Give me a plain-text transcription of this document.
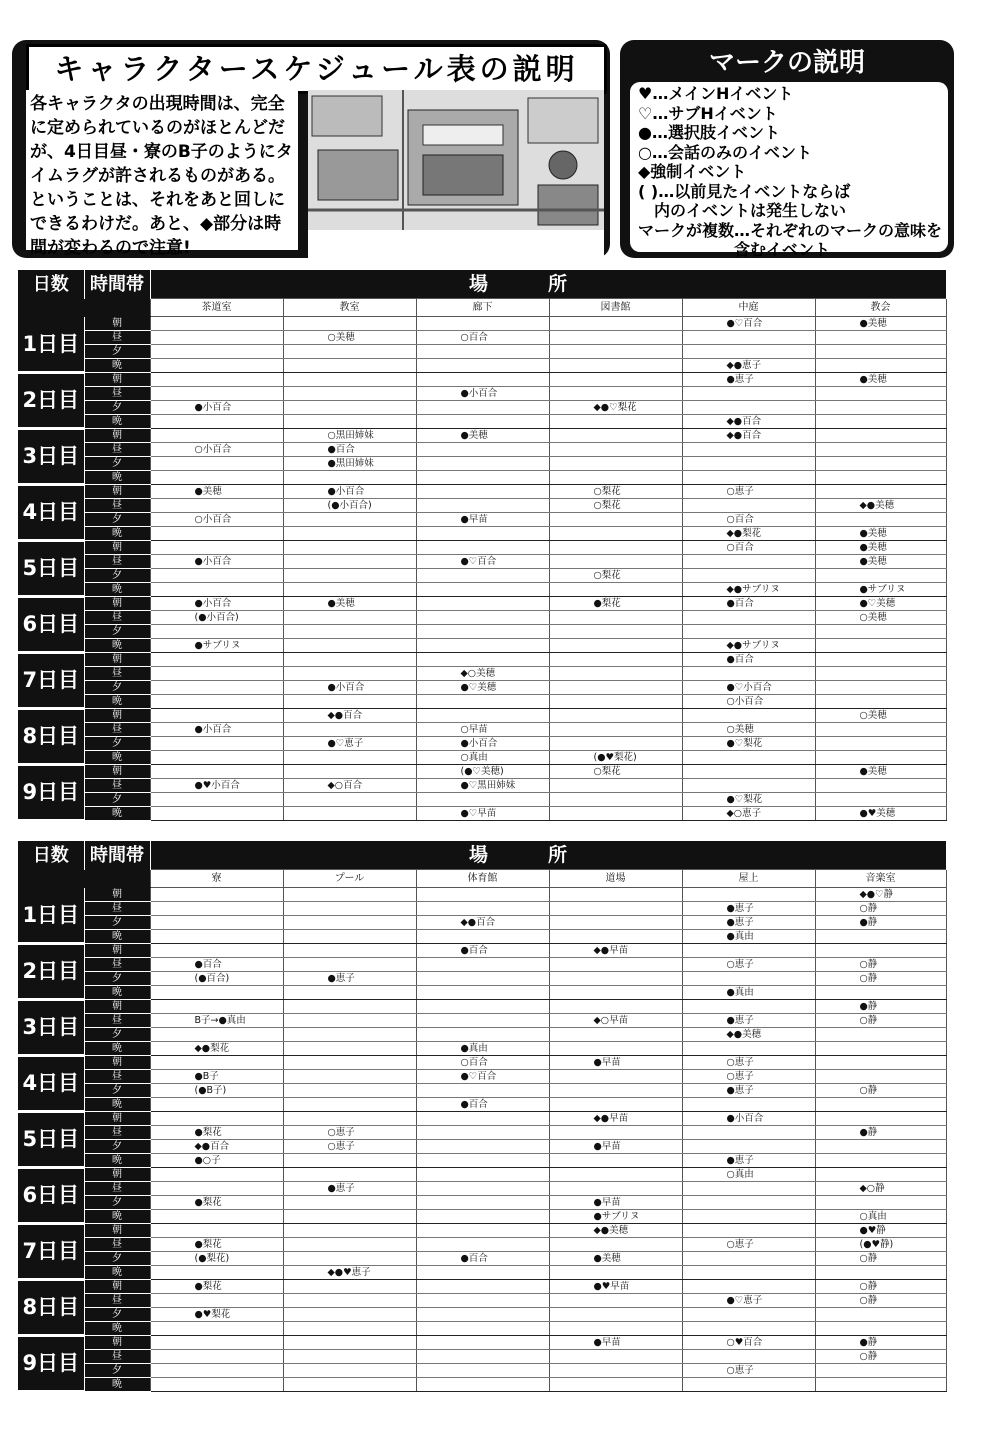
キャラクタースケジュール表の説明
各キャラクタの出現時間は、完全に定められているのがほとんどだが、4日目昼・寮のB子のようにタイムラグが許されるものがある。ということは、それをあと回しにできるわけだ。あと、◆部分は時間が変わるので注意!	↑移動できるところは全部で12ヶ所
マークの説明
♥…メインHイベント
♡…サブHイベント
●…選択肢イベント
○…会話のみのイベント
◆強制イベント
( )…以前見たイベントならば
　内のイベントは発生しない
マークが複数…それぞれのマークの意味を
　　　　　　含むイベント
日数	時間帯	場所					
		茶道室	教室	廊下	図書館	中庭	教会
1日目	朝					●♡百合	●美穂
	昼		○美穂	○百合			
	夕						
	晩					◆●恵子	
2日目	朝					●恵子	●美穂
	昼			●小百合			
	夕	●小百合			◆●♡梨花		
	晩					◆●百合	
3日目	朝		○黒田姉妹	●美穂		◆●百合	
	昼	○小百合	●百合				
	夕		●黒田姉妹				
	晩						
4日目	朝	●美穂	●小百合		○梨花	○恵子	
	昼		(●小百合)		○梨花		◆●美穂
	夕	○小百合		●早苗		○百合	
	晩					◆●梨花	●美穂
5日目	朝					○百合	●美穂
	昼	●小百合		●♡百合			●美穂
	夕				○梨花		
	晩					◆●サブリヌ	●サブリヌ
6日目	朝	●小百合	●美穂		●梨花	●百合	●♡美穂
	昼	(●小百合)					○美穂
	夕						
	晩	●サブリヌ				◆●サブリヌ	
7日目	朝					●百合	
	昼			◆○美穂			
	夕		●小百合	●♡美穂		●♡小百合	
	晩					○小百合	
8日目	朝		◆●百合				○美穂
	昼	●小百合		○早苗		○美穂	
	夕		●♡恵子	●小百合		●♡梨花	
	晩			○真由	(●♥梨花)		
9日目	朝			(●♡美穂)	○梨花		●美穂
	昼	●♥小百合	◆○百合	●♡黒田姉妹			
	夕					●♡梨花	
	晩			●♡早苗		◆○恵子	●♥美穂
日数	時間帯	場所					
		寮	プール	体育館	道場	屋上	音楽室
1日目	朝						◆●♡静
	昼					●恵子	○静
	夕			◆●百合		●恵子	●静
	晩					●真由	
2日目	朝			●百合	◆●早苗		
	昼	●百合				○恵子	○静
	夕	(●百合)	●恵子				○静
	晩					●真由	
3日目	朝						●静
	昼	B子→●真由			◆○早苗	●恵子	○静
	夕					◆●美穂	
	晩	◆●梨花		●真由			
4日目	朝			○百合	●早苗	○恵子	
	昼	●B子		●♡百合		○恵子	
	夕	(●B子)				●恵子	○静
	晩			●百合			
5日目	朝				◆●早苗	●小百合	
	昼	●梨花	○恵子				●静
	夕	◆●百合	○恵子		●早苗		
	晩	●○子				●恵子	
6日目	朝					○真由	
	昼		●恵子				◆○静
	夕	●梨花			●早苗		
	晩				●サブリヌ		○真由
7日目	朝				◆●美穂		●♥静
	昼	●梨花				○恵子	(●♥静)
	夕	(●梨花)		●百合	●美穂		○静
	晩		◆●♥恵子				
8日目	朝	●梨花			●♥早苗		○静
	昼					●♡恵子	○静
	夕	●♥梨花					
	晩						
9日目	朝				●早苗	○♥百合	●静
	昼						○静
	夕					○恵子	
	晩						
